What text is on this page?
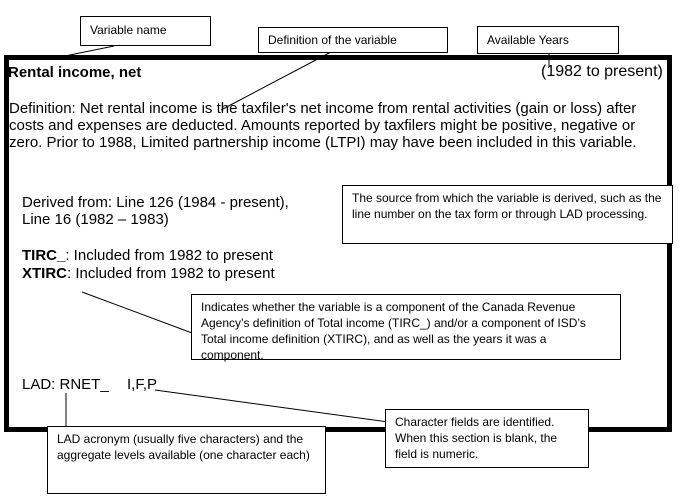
Variable name
Definition of the variable	Available Years
Rental income, net	(1982 to present)
Definition: Net rental income is the taxfiler's net income from rental activities (gain or loss) after costs and expenses are deducted. Amounts reported by taxfilers might be positive, negative or zero. Prior to 1988, Limited partnership income (LTPI) may have been included in this variable.
Derived from: Line 126 (1984 - present),
Line 16 (1982 – 1983)
The source from which the variable is derived, such as the line number on the tax form or through LAD processing.
TIRC_: Included from 1982 to present
XTIRC: Included from 1982 to present
Indicates whether the variable is a component of the Canada Revenue Agency’s definition of Total income (TIRC_) and/or a component of ISD’s Total income definition (XTIRC), and as well as the years it was a component.
LAD: RNET_ I,F,P
Character fields are identified. When this section is blank, the field is numeric.
LAD acronym (usually five characters) and the aggregate levels available (one character each)
